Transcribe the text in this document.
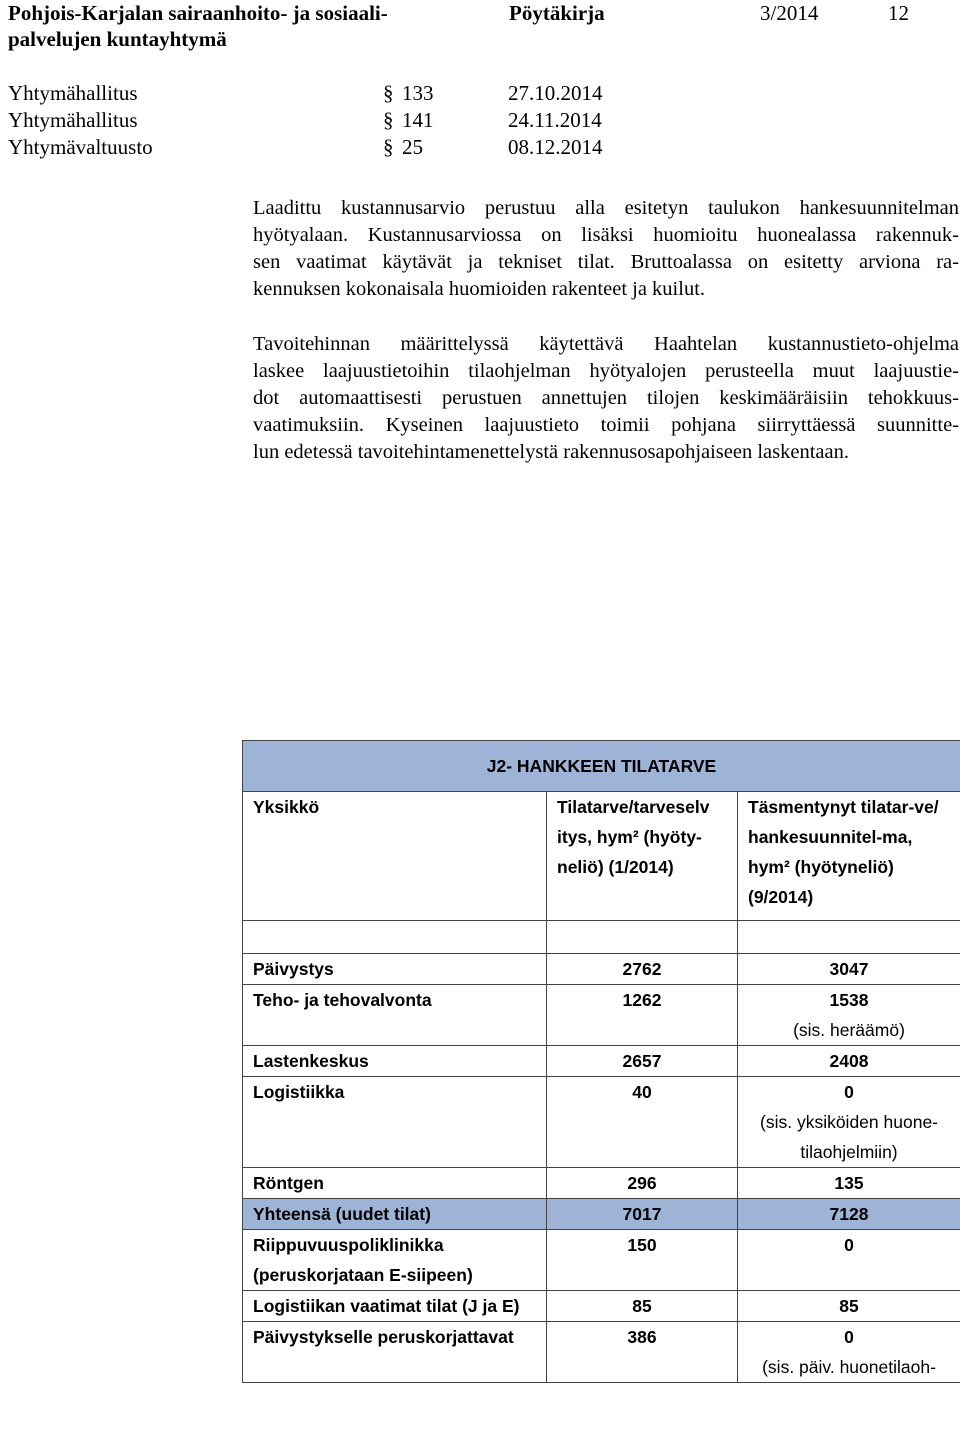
Pohjois-Karjalan sairaanhoito- ja sosiaali-
palvelujen kuntayhtymä
Pöytäkirja	3/2014	12
Yhtymähallitus	§ 133	27.10.2014
Yhtymähallitus	§ 141	24.11.2014
Yhtymävaltuusto	§ 25	08.12.2014
Laadittu kustannusarvio perustuu alla esitetyn taulukon hankesuunnitelman
hyötyalaan. Kustannusarviossa on lisäksi huomioitu huonealassa rakennuk-
sen vaatimat käytävät ja tekniset tilat. Bruttoalassa on esitetty arviona ra-
kennuksen kokonaisala huomioiden rakenteet ja kuilut.
Tavoitehinnan määrittelyssä käytettävä Haahtelan kustannustieto-ohjelma
laskee laajuustietoihin tilaohjelman hyötyalojen perusteella muut laajuustie-
dot automaattisesti perustuen annettujen tilojen keskimääräisiin tehokkuus-
vaatimuksiin. Kyseinen laajuustieto toimii pohjana siirryttäessä suunnitte-
lun edetessä tavoitehintamenettelystä rakennusosapohjaiseen laskentaan.
J2- HANKKEEN TILATARVE		
Yksikkö	Tilatarve/tarveselv itys, hym² (hyöty-neliö) (1/2014)	Täsmentynyt tilatar-ve/ hankesuunnitel-ma, hym² (hyötyneliö) (9/2014)

Päivystys	2762	3047
Teho- ja tehovalvonta	1262	1538
(sis. heräämö)

Lastenkeskus	2657	2408
Logistiikka	40	0
(sis. yksiköiden huone-tilaohjelmiin)

Röntgen	296	135
Yhteensä (uudet tilat)	7017	7128
Riippuvuuspoliklinikka (peruskorjataan E-siipeen)	150	0
Logistiikan vaatimat tilat (J ja E)	85	85
Päivystykselle peruskorjattavat	386	0
(sis. päiv. huonetilaoh-
